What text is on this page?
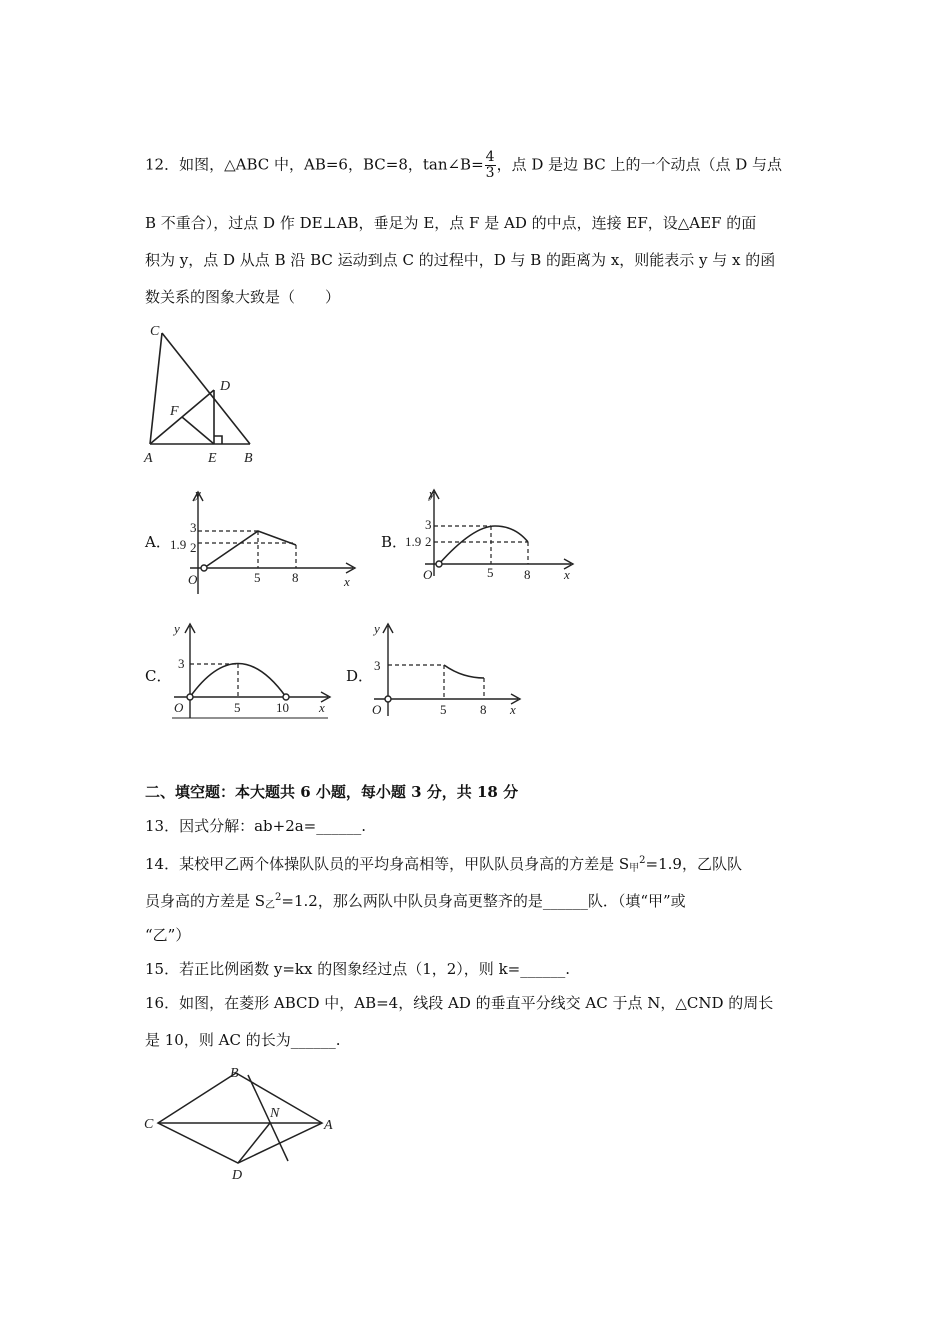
12．如图，△ABC 中，AB=6，BC=8，tan∠B= $\frac{4}{3}$ ，点 D 是边 BC 上的一个动点（点 D 与点
B 不重合），过点 D 作 DE⊥AB，垂足为 E，点 F 是 AD 的中点，连接 EF，设△AEF 的面
积为 y，点 D 从点 B 沿 BC 运动到点 C 的过程中，D 与 B 的距离为 x，则能表示 y 与 x 的函
数关系的图象大致是（　　）
C
D
F
A	E B
A．
y
3
1.9 2
O	5 8	x
B．
y
3
1.9 2
O	5 8	x
C．
y
3
O	5	10 x
D．
y
3
O	5	8 x
二、填空题：本大题共 6 小题，每小题 3 分，共 18 分
13．因式分解：ab+2a=______.
14．某校甲乙两个体操队队员的平均身高相等，甲队队员身高的方差是 $S_甲^2=1.9$，乙队队
员身高的方差是 $S_乙^2=1.2$，那么两队中队员身高更整齐的是______队．（填“甲”或
“乙”）
15．若正比例函数 y=kx 的图象经过点（1，2），则 k=______.
16．如图，在菱形 ABCD 中，AB=4，线段 AD 的垂直平分线交 AC 于点 N，△CND 的周长
是 10，则 AC 的长为______.
B
C
N
A
D
